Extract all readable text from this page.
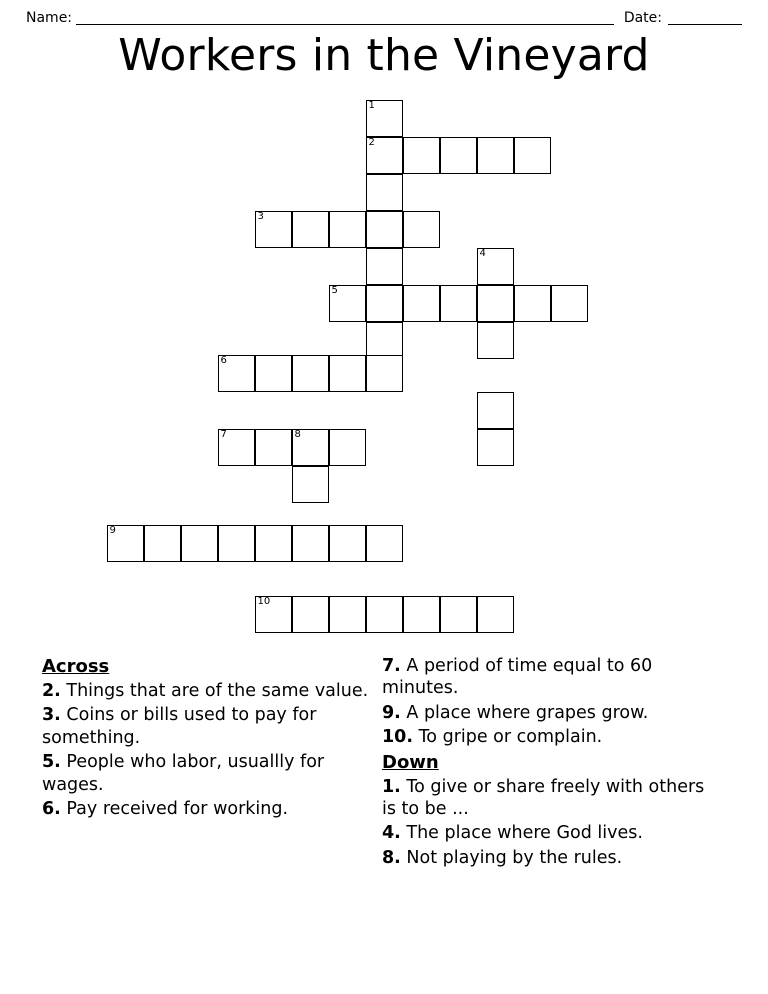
Name:	Date:
Workers in the Vineyard
1
2
3
4
5
6
7	8
9
10
Across
2. Things that are of the same value.
3. Coins or bills used to pay for something.
5. People who labor, usuallly for wages.
6. Pay received for working.
7. A period of time equal to 60 minutes.
9. A place where grapes grow.
10. To gripe or complain.
Down
1. To give or share freely with others is to be ...
4. The place where God lives.
8. Not playing by the rules.
